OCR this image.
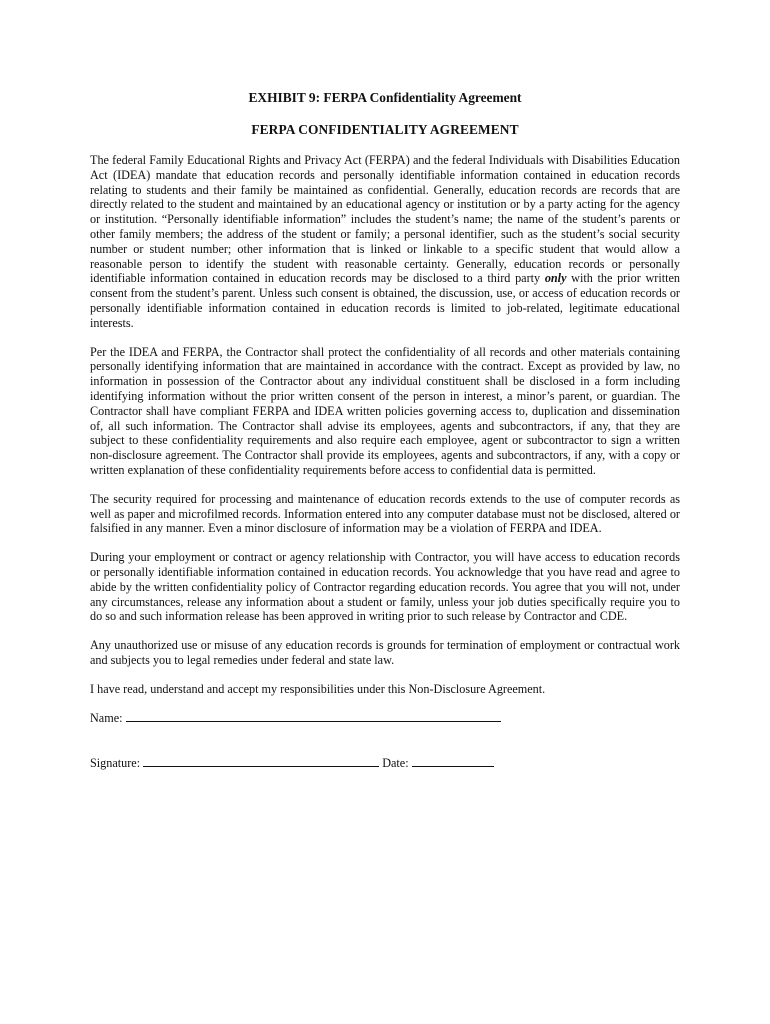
EXHIBIT 9: FERPA Confidentiality Agreement
FERPA CONFIDENTIALITY AGREEMENT

The federal Family Educational Rights and Privacy Act (FERPA) and the federal Individuals with Disabilities Education Act (IDEA) mandate that education records and personally identifiable information contained in education records relating to students and their family be maintained as confidential. Generally, education records are records that are directly related to the student and maintained by an educational agency or institution or by a party acting for the agency or institution. “Personally identifiable information” includes the student’s name; the name of the student’s parents or other family members; the address of the student or family; a personal identifier, such as the student’s social security number or student number; other information that is linked or linkable to a specific student that would allow a reasonable person to identify the student with reasonable certainty. Generally, education records or personally identifiable information contained in education records may be disclosed to a third party only with the prior written consent from the student’s parent. Unless such consent is obtained, the discussion, use, or access of education records or personally identifiable information contained in education records is limited to job-related, legitimate educational interests.

Per the IDEA and FERPA, the Contractor shall protect the confidentiality of all records and other materials containing personally identifying information that are maintained in accordance with the contract. Except as provided by law, no information in possession of the Contractor about any individual constituent shall be disclosed in a form including identifying information without the prior written consent of the person in interest, a minor’s parent, or guardian. The Contractor shall have compliant FERPA and IDEA written policies governing access to, duplication and dissemination of, all such information. The Contractor shall advise its employees, agents and subcontractors, if any, that they are subject to these confidentiality requirements and also require each employee, agent or subcontractor to sign a written non-disclosure agreement. The Contractor shall provide its employees, agents and subcontractors, if any, with a copy or written explanation of these confidentiality requirements before access to confidential data is permitted.

The security required for processing and maintenance of education records extends to the use of computer records as well as paper and microfilmed records. Information entered into any computer database must not be disclosed, altered or falsified in any manner. Even a minor disclosure of information may be a violation of FERPA and IDEA.

During your employment or contract or agency relationship with Contractor, you will have access to education records or personally identifiable information contained in education records. You acknowledge that you have read and agree to abide by the written confidentiality policy of Contractor regarding education records. You agree that you will not, under any circumstances, release any information about a student or family, unless your job duties specifically require you to do so and such information release has been approved in writing prior to such release by Contractor and CDE.

Any unauthorized use or misuse of any education records is grounds for termination of employment or contractual work and subjects you to legal remedies under federal and state law.

I have read, understand and accept my responsibilities under this Non-Disclosure Agreement.

Name:
Signature:	Date:
